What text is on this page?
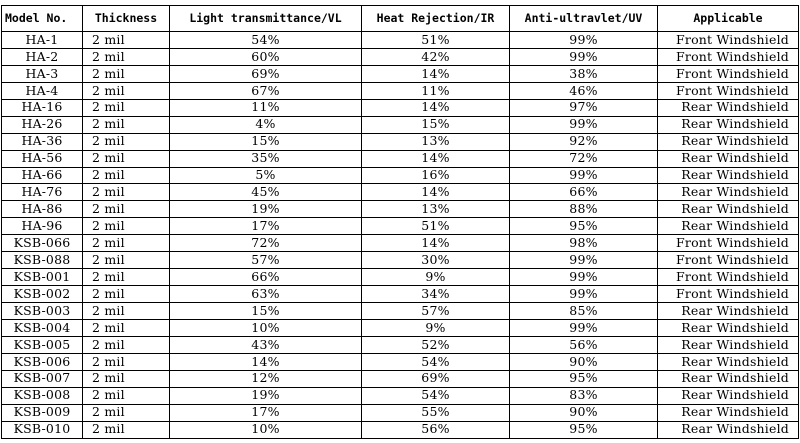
Model No.	Thickness	Light transmittance/VL	Heat Rejection/IR	Anti-ultravlet/UV	Applicable
HA-1	2 mil	54%	51%	99%	Front Windshield
HA-2	2 mil	60%	42%	99%	Front Windshield
HA-3	2 mil	69%	14%	38%	Front Windshield
HA-4	2 mil	67%	11%	46%	Front Windshield
HA-16	2 mil	11%	14%	97%	Rear Windshield
HA-26	2 mil	4%	15%	99%	Rear Windshield
HA-36	2 mil	15%	13%	92%	Rear Windshield
HA-56	2 mil	35%	14%	72%	Rear Windshield
HA-66	2 mil	5%	16%	99%	Rear Windshield
HA-76	2 mil	45%	14%	66%	Rear Windshield
HA-86	2 mil	19%	13%	88%	Rear Windshield
HA-96	2 mil	17%	51%	95%	Rear Windshield
KSB-066	2 mil	72%	14%	98%	Front Windshield
KSB-088	2 mil	57%	30%	99%	Front Windshield
KSB-001	2 mil	66%	9%	99%	Front Windshield
KSB-002	2 mil	63%	34%	99%	Front Windshield
KSB-003	2 mil	15%	57%	85%	Rear Windshield
KSB-004	2 mil	10%	9%	99%	Rear Windshield
KSB-005	2 mil	43%	52%	56%	Rear Windshield
KSB-006	2 mil	14%	54%	90%	Rear Windshield
KSB-007	2 mil	12%	69%	95%	Rear Windshield
KSB-008	2 mil	19%	54%	83%	Rear Windshield
KSB-009	2 mil	17%	55%	90%	Rear Windshield
KSB-010	2 mil	10%	56%	95%	Rear Windshield
